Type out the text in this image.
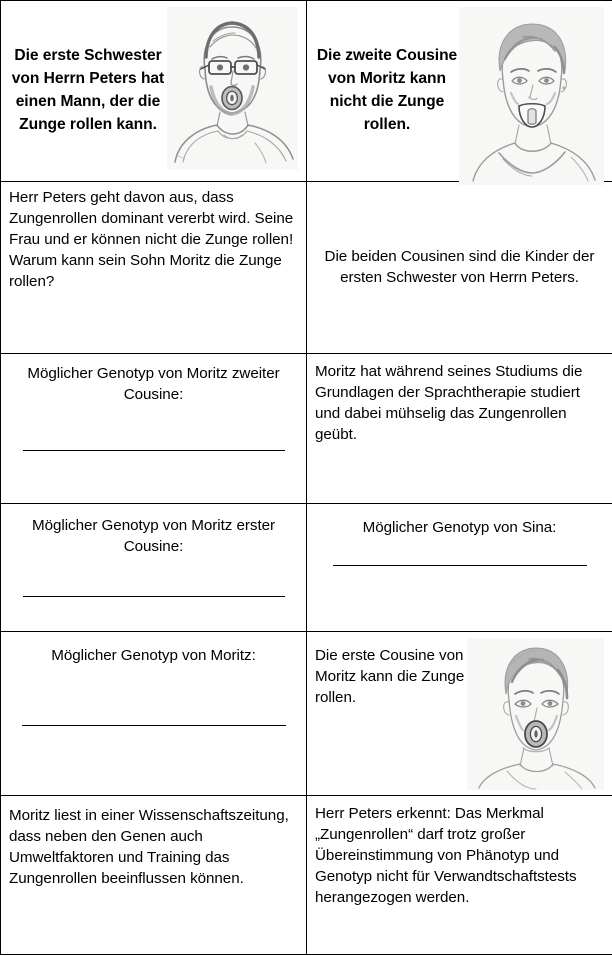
Die erste Schwester von Herrn Peters hat einen Mann, der die Zunge rollen kann.	Die zweite Cousine von Moritz kann nicht die Zunge rollen.

Herr Peters geht davon aus, dass Zungenrollen dominant vererbt wird. Seine Frau und er können nicht die Zunge rollen! Warum kann sein Sohn Moritz die Zunge rollen?	Die beiden Cousinen sind die Kinder der ersten Schwester von Herrn Peters.

Möglicher Genotyp von Moritz zweiter Cousine:	Moritz hat während seines Studiums die Grundlagen der Sprachtherapie studiert und dabei mühselig das Zungenrollen geübt.

Möglicher Genotyp von Moritz erster Cousine:	Möglicher Genotyp von Sina:

Möglicher Genotyp von Moritz:	Die erste Cousine von Moritz kann die Zunge rollen.

Moritz liest in einer Wissenschaftszeitung, dass neben den Genen auch Umweltfaktoren und Training das Zungenrollen beeinflussen können.	Herr Peters erkennt: Das Merkmal „Zungenrollen“ darf trotz großer Übereinstimmung von Phänotyp und Genotyp nicht für Verwandtschaftstests herangezogen werden.
